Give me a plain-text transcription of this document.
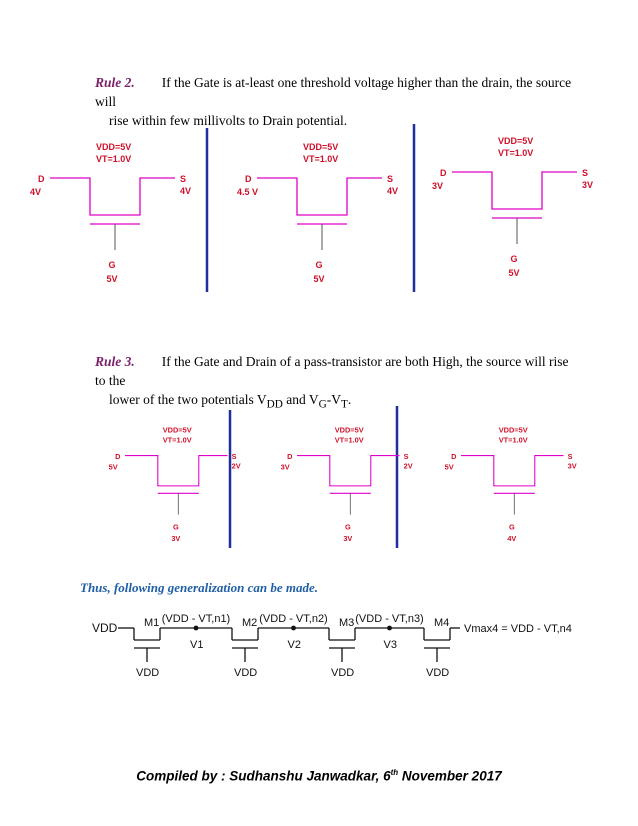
Rule 2. If the Gate is at-least one threshold voltage higher than the drain, the source will
rise within few millivolts to Drain potential.
VDD=5V
VT=1.0V
D
4V
S
4V
G
5V
VDD=5V
VT=1.0V
D
4.5 V
S
4V
G
5V
VDD=5V
VT=1.0V
D
3V
S
3V
G
5V
Rule 3. If the Gate and Drain of a pass-transistor are both High, the source will rise to the
lower of the two potentials $V_{DD}$ and $V_G-V_T$.
VDD=5V
VT=1.0V
D
5V
S
2V
G
3V
VDD=5V
VT=1.0V
D
3V
S
2V
G
3V
VDD=5V
VT=1.0V
D
5V
S
3V
G
4V
Thus, following generalization can be made.
VDD M1
VDD
M2
VDD
M3
VDD
M4
VDD
(VDD - VT,n1)
V1
(VDD - VT,n2)
V2
(VDD - VT,n3)
V3
Vmax4 = VDD - VT,n4
Compiled by : Sudhanshu Janwadkar, 6th November 2017
